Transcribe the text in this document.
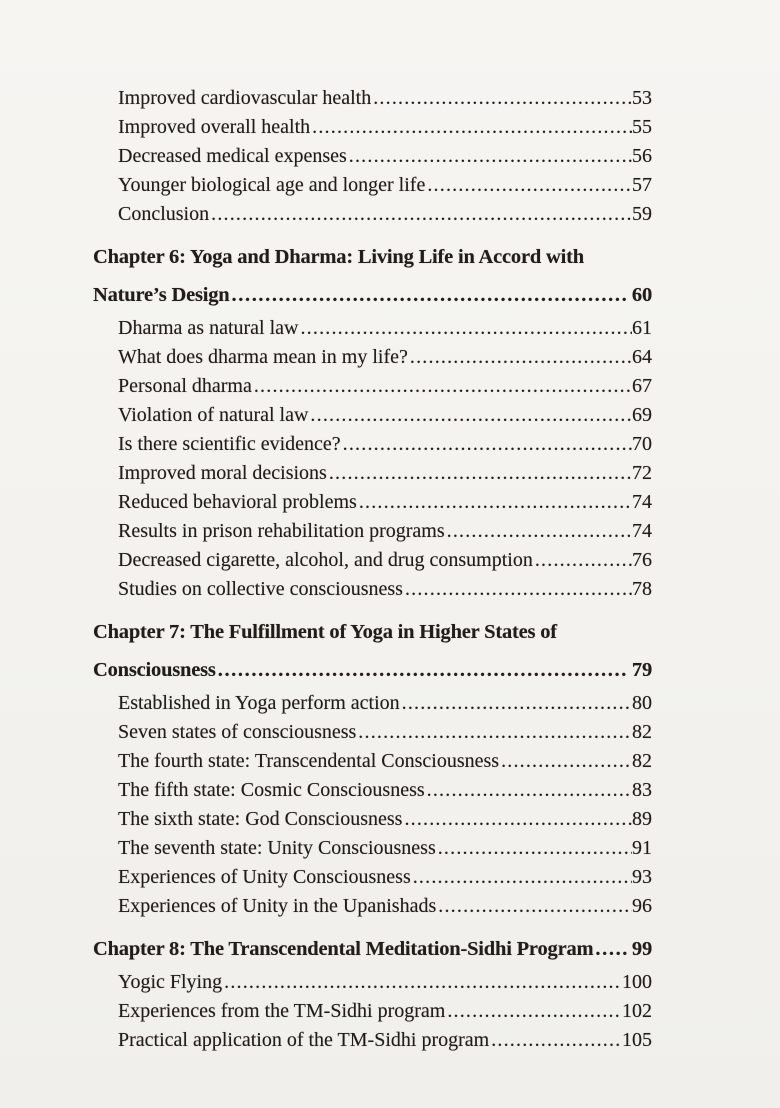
Improved cardiovascular health .....	53
Improved overall health .....	55
Decreased medical expenses .....	56
Younger biological age and longer life .....	57
Conclusion .....	59
Chapter 6: Yoga and Dharma: Living Life in Accord with
Nature’s Design .....	60
Dharma as natural law .....	61
What does dharma mean in my life? .....	64
Personal dharma .....	67
Violation of natural law .....	69
Is there scientific evidence? .....	70
Improved moral decisions .....	72
Reduced behavioral problems .....	74
Results in prison rehabilitation programs .....	74
Decreased cigarette, alcohol, and drug consumption .....	76
Studies on collective consciousness .....	78
Chapter 7: The Fulfillment of Yoga in Higher States of
Consciousness .....	79
Established in Yoga perform action .....	80
Seven states of consciousness .....	82
The fourth state: Transcendental Consciousness .....	82
The fifth state: Cosmic Consciousness .....	83
The sixth state: God Consciousness .....	89
The seventh state: Unity Consciousness .....	91
Experiences of Unity Consciousness .....	93
Experiences of Unity in the Upanishads .....	96
Chapter 8: The Transcendental Meditation-Sidhi Program ..... 99
Yogic Flying .....	100
Experiences from the TM-Sidhi program .....	102
Practical application of the TM-Sidhi program .....	105
